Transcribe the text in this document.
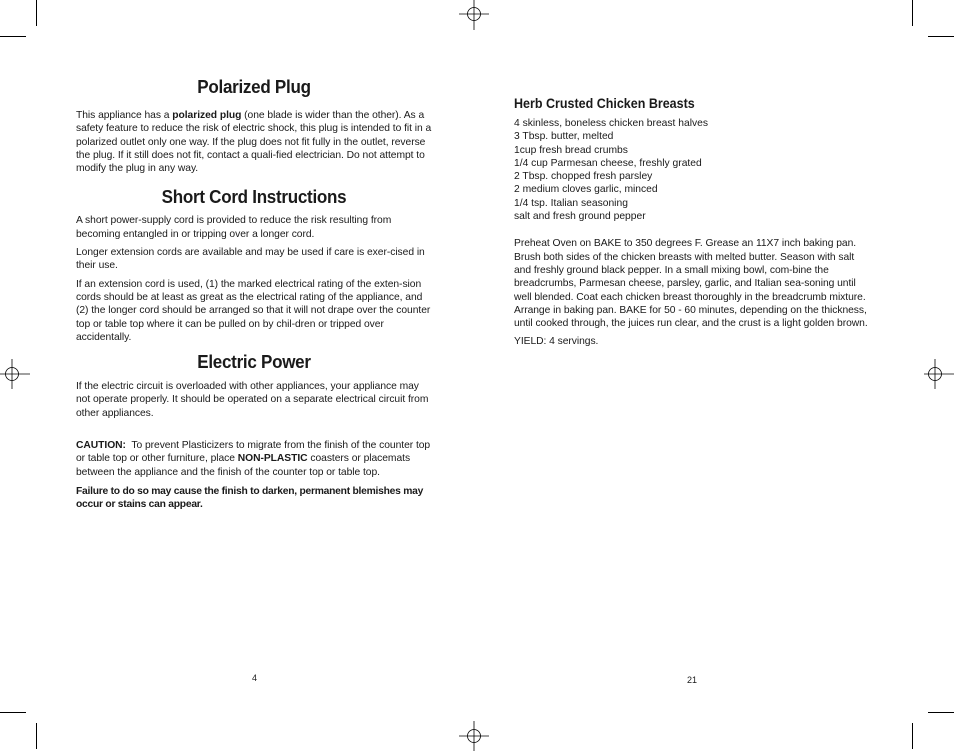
Polarized Plug

This appliance has a polarized plug (one blade is wider than the other). As a safety feature to reduce the risk of electric shock, this plug is intended to fit in a polarized outlet only one way. If the plug does not fit fully in the outlet, reverse the plug. If it still does not fit, contact a quali-fied electrician. Do not attempt to modify the plug in any way.

Short Cord Instructions

A short power-supply cord is provided to reduce the risk resulting from becoming entangled in or tripping over a longer cord.

Longer extension cords are available and may be used if care is exer-cised in their use.

If an extension cord is used, (1) the marked electrical rating of the exten-sion cords should be at least as great as the electrical rating of the appliance, and (2) the longer cord should be arranged so that it will not drape over the counter top or table top where it can be pulled on by chil-dren or tripped over accidentally.

Electric Power

If the electric circuit is overloaded with other appliances, your appliance may not operate properly. It should be operated on a separate electrical circuit from other appliances.

CAUTION:  To prevent Plasticizers to migrate from the finish of the counter top or table top or other furniture, place NON-PLASTIC coasters or placemats between the appliance and the finish of the counter top or table top.

Failure to do so may cause the finish to darken, permanent blemishes may occur or stains can appear.

4
Herb Crusted Chicken Breasts

4 skinless, boneless chicken breast halves

3 Tbsp. butter, melted

1cup fresh bread crumbs

1/4 cup Parmesan cheese, freshly grated

2 Tbsp. chopped fresh parsley

2 medium cloves garlic, minced

1/4 tsp. Italian seasoning

salt and fresh ground pepper

Preheat Oven on BAKE to 350 degrees F. Grease an 11X7 inch baking pan. Brush both sides of the chicken breasts with melted butter. Season with salt and freshly ground black pepper. In a small mixing bowl, com-bine the breadcrumbs, Parmesan cheese, parsley, garlic, and Italian sea-soning until well blended. Coat each chicken breast thoroughly in the breadcrumb mixture. Arrange in baking pan. BAKE for 50 - 60 minutes, depending on the thickness, until cooked through, the juices run clear, and the crust is a light golden brown.

YIELD: 4 servings.

21
